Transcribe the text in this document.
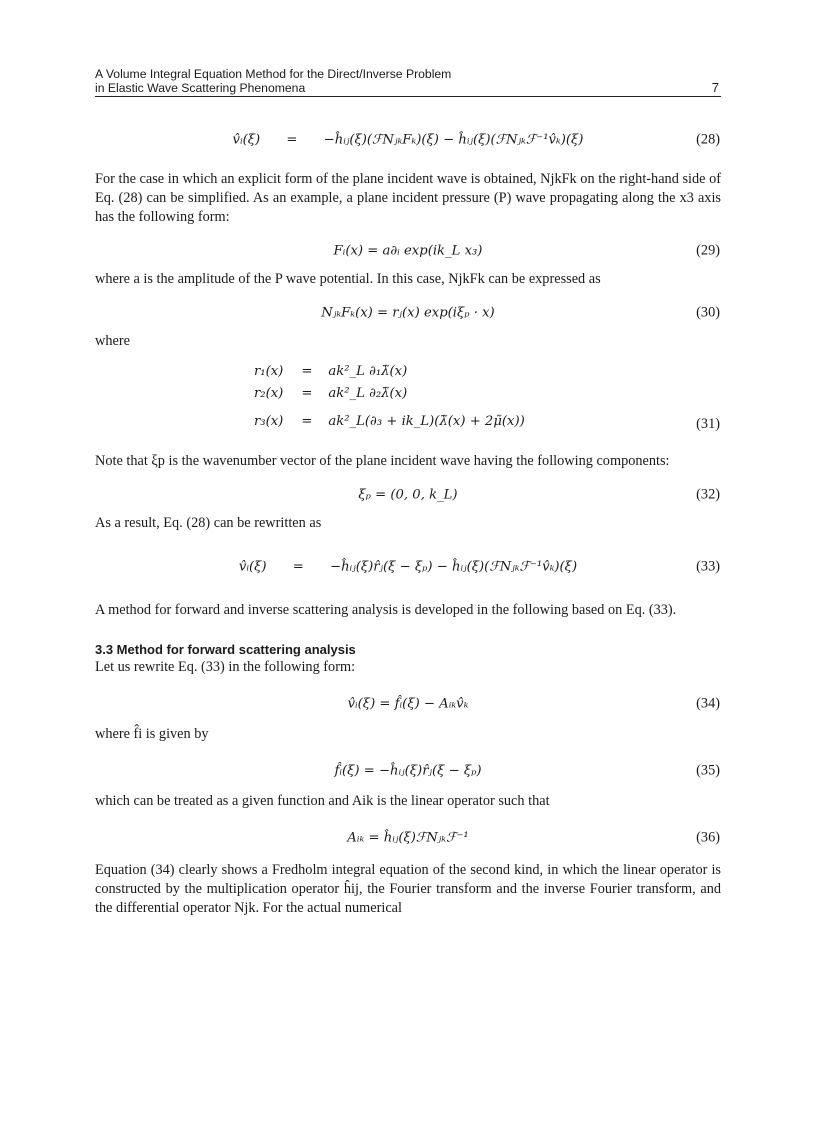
A Volume Integral Equation Method for the Direct/Inverse Problem
in Elastic Wave Scattering Phenomena	7
v̂ᵢ(ξ) = −ĥᵢⱼ(ξ)(ℱNⱼₖFₖ)(ξ) − ĥᵢⱼ(ξ)(ℱNⱼₖℱ⁻¹v̂ₖ)(ξ)	(28)

For the case in which an explicit form of the plane incident wave is obtained, NjkFk on the right-hand side of Eq. (28) can be simplified. As an example, a plane incident pressure (P) wave propagating along the x3 axis has the following form:

Fᵢ(x) = a∂ᵢ exp(ik_L x₃)	(29)

where a is the amplitude of the P wave potential. In this case, NjkFk can be expressed as

NⱼₖFₖ(x) = rⱼ(x) exp(iξₚ · x)	(30)

where

r₁(x)	=	ak²_L ∂₁λ̃(x)
r₂(x)	=	ak²_L ∂₂λ̃(x)
r₃(x)	=	ak²_L(∂₃ + ik_L)(λ̃(x) + 2μ̃(x))	(31)

Note that ξp is the wavenumber vector of the plane incident wave having the following components:

ξₚ = (0, 0, k_L)	(32)

As a result, Eq. (28) can be rewritten as

v̂ᵢ(ξ) = −ĥᵢⱼ(ξ)r̂ⱼ(ξ − ξₚ) − ĥᵢⱼ(ξ)(ℱNⱼₖℱ⁻¹v̂ₖ)(ξ)	(33)

A method for forward and inverse scattering analysis is developed in the following based on Eq. (33).

3.3 Method for forward scattering analysis

Let us rewrite Eq. (33) in the following form:

v̂ᵢ(ξ) = f̂ᵢ(ξ) − Aᵢₖv̂ₖ	(34)

where f̂i is given by

f̂ᵢ(ξ) = −ĥᵢⱼ(ξ)r̂ⱼ(ξ − ξₚ)	(35)

which can be treated as a given function and Aik is the linear operator such that

Aᵢₖ = ĥᵢⱼ(ξ)ℱNⱼₖℱ⁻¹	(36)

Equation (34) clearly shows a Fredholm integral equation of the second kind, in which the linear operator is constructed by the multiplication operator ĥij, the Fourier transform and the inverse Fourier transform, and the differential operator Njk. For the actual numerical
